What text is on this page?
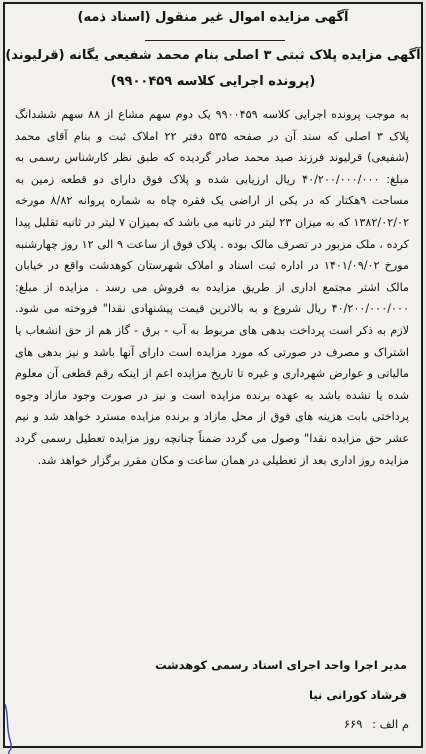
آگهی مزایده اموال غیر منقول (اسناد ذمه)
آگهی مزایده پلاک ثبتی ۳ اصلی بنام محمد شفیعی یگانه (قرلیوند)
(پرونده اجرایی کلاسه ۹۹۰۰۴۵۹)
به موجب پرونده اجرایی کلاسه ۹۹۰۰۴۵۹ یک دوم سهم مشاع از ۸۸ سهم ششدانگ پلاک ۳ اصلی که سند آن در صفحه ۵۳۵ دفتر ۲۲ املاک ثبت و بنام آقای محمد (شفیعی) قرلیوند فرزند صید محمد صادر گردیده که طبق نظر کارشناس رسمی به مبلغ: ۴۰/۲۰۰/۰۰۰/۰۰۰ ریال ارزیابی شده و پلاک فوق دارای دو قطعه زمین به مساحت ۹هکتار که در یکی از اراضی یک فقره چاه به شماره پروانه ۸/۸۲ مورخه ۱۳۸۲/۰۲/۰۲ که به میزان ۲۳ لیتر در ثانیه می باشد که بمیزان ۷ لیتر در ثانیه تقلیل پیدا کرده ، ملک مزبور در تصرف مالک بوده . پلاک فوق از ساعت ۹ الی ۱۲ روز چهارشنبه مورخ ۱۴۰۱/۰۹/۰۲ در اداره ثبت اسناد و املاک شهرستان کوهدشت واقع در خیابان مالک اشتر مجتمع اداری از طریق مزایده به فروش می رسد . مزایده از مبلغ: ۴۰/۲۰۰/۰۰۰/۰۰۰ ریال شروع و به بالاترین قیمت پیشنهادی نقدا" فروخته می شود. لازم به ذکر است پرداخت بدهی های مربوط به آب - برق - گاز هم از حق انشعاب یا اشتراک و مصرف در صورتی که مورد مزایده است دارای آنها باشد و نیز بدهی های مالیاتی و عوارض شهرداری و غیره تا تاریخ مزایده اعم از اینکه رقم قطعی آن معلوم شده یا نشده باشد به عهده برنده مزایده است و نیز در صورت وجود مازاد وجوه پرداختی بابت هزینه های فوق از محل مازاد و برنده مزایده مسترد خواهد شد و نیم عشر حق مزایده نقدا" وصول می گردد ضمناً چنانچه روز مزایده تعطیل رسمی گردد مزایده روز اداری بعد از تعطیلی در همان ساعت و مکان مقرر برگزار خواهد شد.
مدیر اجرا واحد اجرای اسناد رسمی کوهدشت
فرشاد کورانی نیا
م الف : ۶۶۹
